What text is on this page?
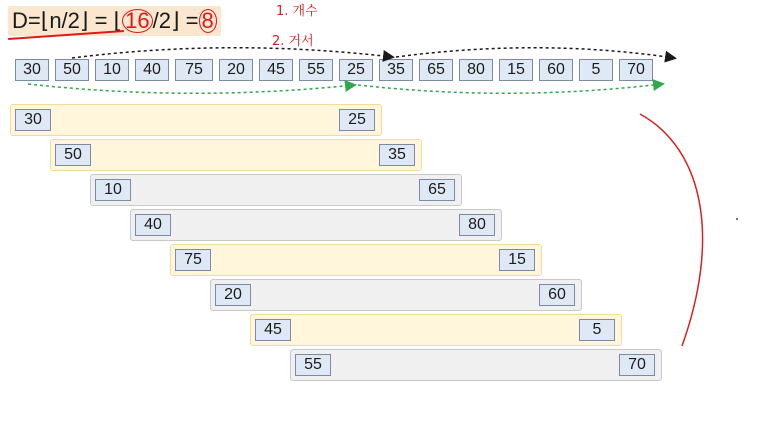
D=⌊n/2⌋ = ⌊ 16 /2⌋ = 8	1. 개수
2. 거서
30	50	10	40	75	20	45	55	25	35	65	80	15	60	5	70
30	25
50	35
10	65
40	80
75	15
20	60
45	5
55	70
